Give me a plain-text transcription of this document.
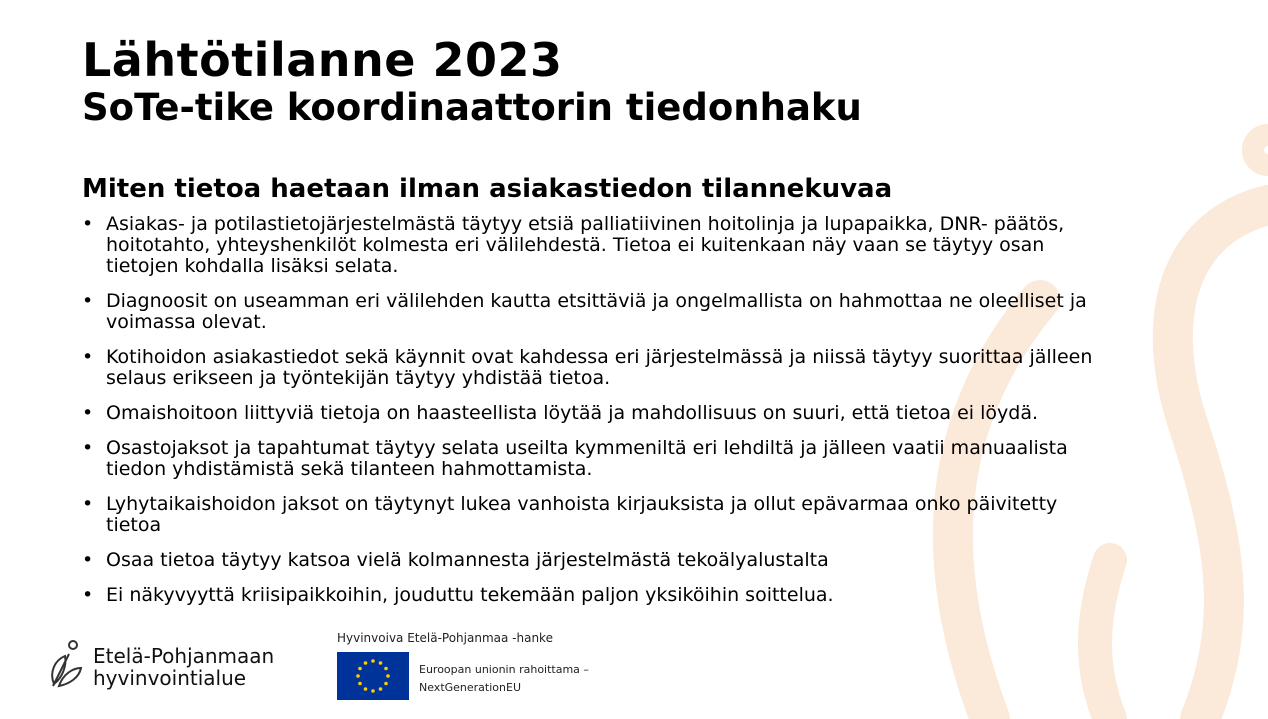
Lähtötilanne 2023
SoTe-tike koordinaattorin tiedonhaku
Miten tietoa haetaan ilman asiakastiedon tilannekuvaa
• Asiakas- ja potilastietojärjestelmästä täytyy etsiä palliatiivinen hoitolinja ja lupapaikka, DNR- päätös,
hoitotahto, yhteyshenkilöt kolmesta eri välilehdestä. Tietoa ei kuitenkaan näy vaan se täytyy osan
tietojen kohdalla lisäksi selata.
• Diagnoosit on useamman eri välilehden kautta etsittäviä ja ongelmallista on hahmottaa ne oleelliset ja
voimassa olevat.
• Kotihoidon asiakastiedot sekä käynnit ovat kahdessa eri järjestelmässä ja niissä täytyy suorittaa jälleen
selaus erikseen ja työntekijän täytyy yhdistää tietoa.
• Omaishoitoon liittyviä tietoja on haasteellista löytää ja mahdollisuus on suuri, että tietoa ei löydä.
• Osastojaksot ja tapahtumat täytyy selata useilta kymmeniltä eri lehdiltä ja jälleen vaatii manuaalista
tiedon yhdistämistä sekä tilanteen hahmottamista.
• Lyhytaikaishoidon jaksot on täytynyt lukea vanhoista kirjauksista ja ollut epävarmaa onko päivitetty
tietoa
• Osaa tietoa täytyy katsoa vielä kolmannesta järjestelmästä tekoälyalustalta
• Ei näkyvyyttä kriisipaikkoihin, jouduttu tekemään paljon yksiköihin soittelua.
Etelä-Pohjanmaan
hyvinvointialue
Hyvinvoiva Etelä-Pohjanmaa -hanke
Euroopan unionin rahoittama –
NextGenerationEU
